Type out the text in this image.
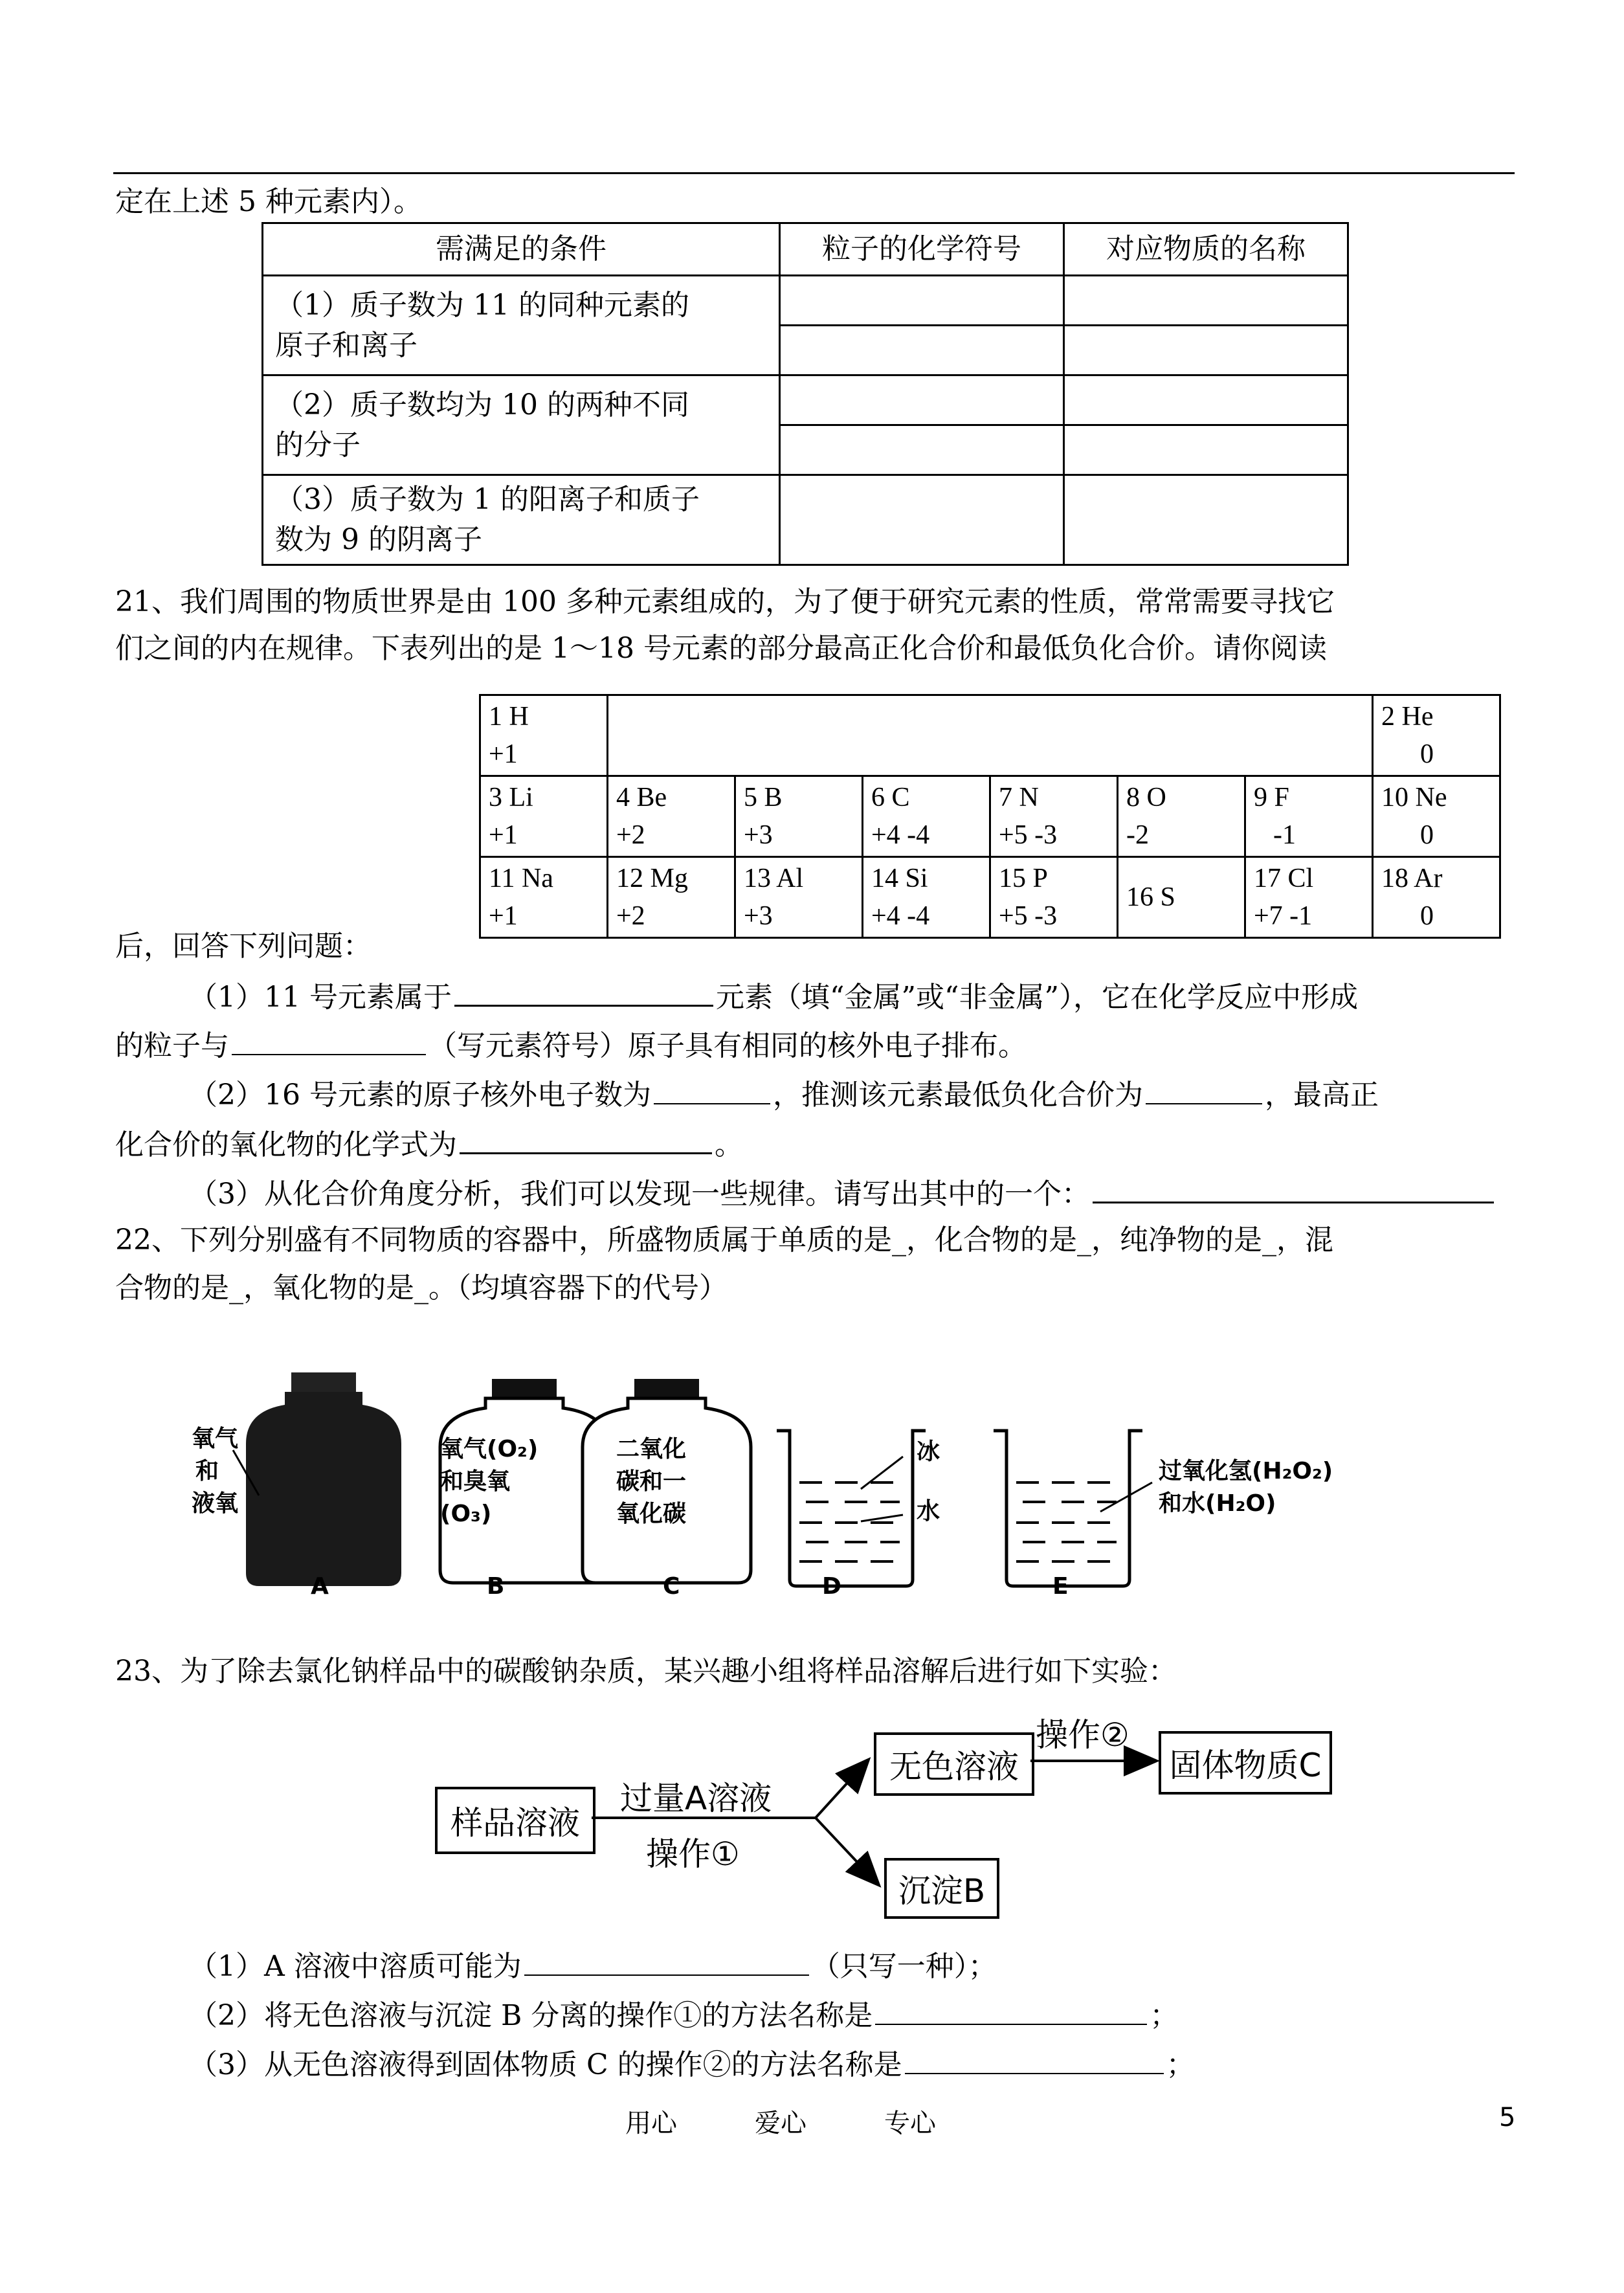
定在上述 5 种元素内）。
需满足的条件	粒子的化学符号	对应物质的名称
（1）质子数为 11 的同种元素的
原子和离子		

（2）质子数均为 10 的两种不同
的分子		

（3）质子数为 1 的阳离子和质子
数为 9 的阴离子		
21、我们周围的物质世界是由 100 多种元素组成的，为了便于研究元素的性质，常常需要寻找它
们之间的内在规律。下表列出的是 1～18 号元素的部分最高正化合价和最低负化合价。请你阅读
1 H
+1							2 He
0

3 Li
+1	4 Be
+2	5 B
+3	6 C
+4 -4	7 N
+5 -3	8 O
-2	9 F
-1	10 Ne
0

11 Na
+1	12 Mg
+2	13 Al
+3	14 Si
+4 -4	15 P
+5 -3	16 S	17 Cl
+7 -1	18 Ar
0
后，回答下列问题：
（1）11 号元素属于	元素（填“金属”或“非金属”），它在化学反应中形成
的粒子与	（写元素符号）原子具有相同的核外电子排布。
（2）16 号元素的原子核外电子数为	，推测该元素最低负化合价为	，最高正
化合价的氧化物的化学式为	。
（3）从化合价角度分析，我们可以发现一些规律。请写出其中的一个：
22、下列分别盛有不同物质的容器中，所盛物质属于单质的是_，化合物的是_，纯净物的是_，混
合物的是_，氧化物的是_。（均填容器下的代号）
氧气
和
液氧
氧气(O₂)
和臭氧
(O₃)
二氧化
碳和一
氧化碳
冰
水
过氧化氢(H₂O₂)
和水(H₂O)
A	B	C	D	E
23、为了除去氯化钠样品中的碳酸钠杂质，某兴趣小组将样品溶解后进行如下实验：
样品溶液
无色溶液	固体物质C
沉淀B
过量A溶液
操作①
操作②
（1）A 溶液中溶质可能为	（只写一种）；
（2）将无色溶液与沉淀 B 分离的操作①的方法名称是	；
（3）从无色溶液得到固体物质 C 的操作②的方法名称是	；
用心	爱心	专心	5
